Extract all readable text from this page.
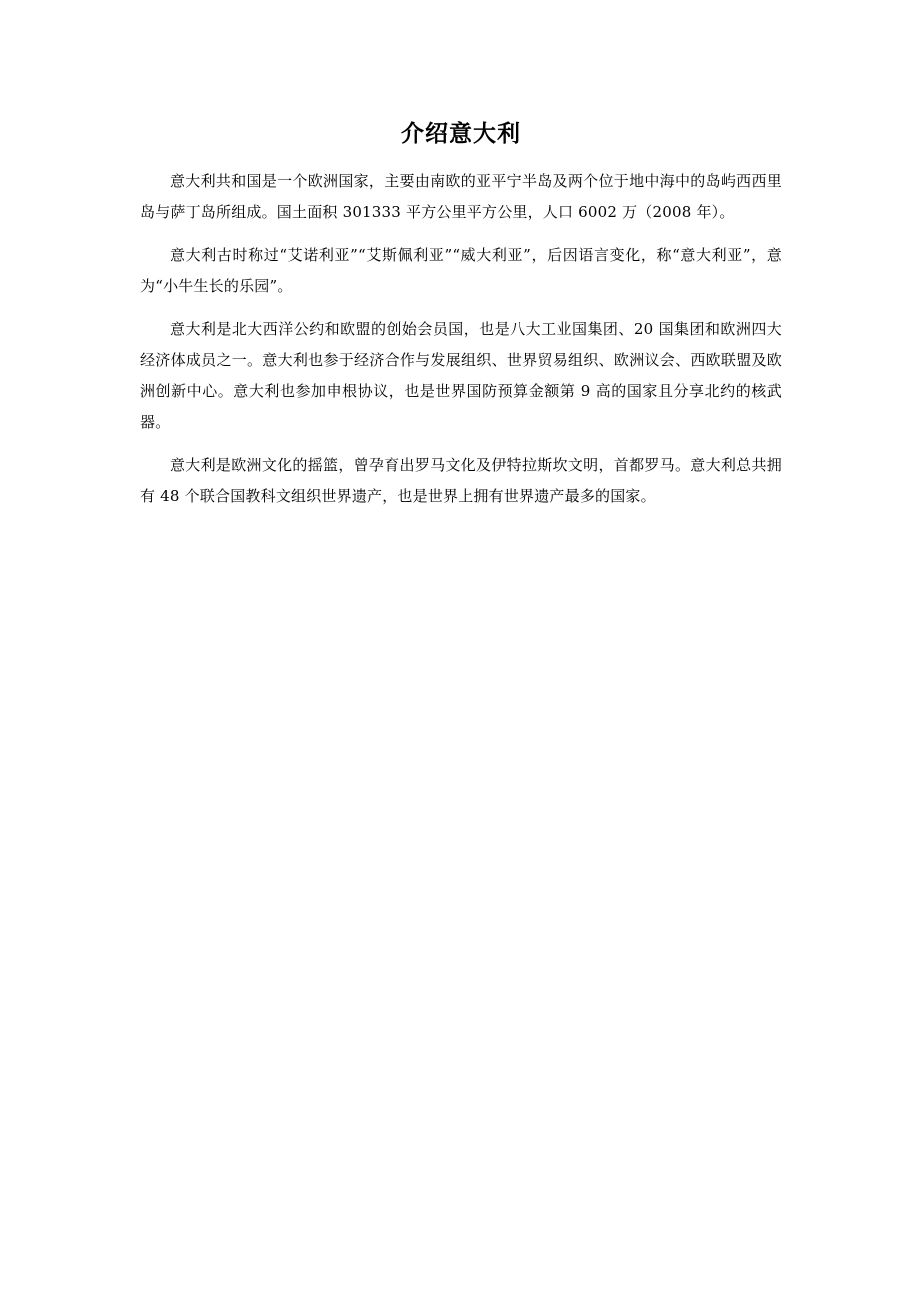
介绍意大利

意大利共和国是一个欧洲国家，主要由南欧的亚平宁半岛及两个位于地中海中的岛屿西西里岛与萨丁岛所组成。国土面积 301333 平方公里平方公里，人口 6002 万（2008 年）。

意大利古时称过“艾诺利亚”“艾斯佩利亚”“威大利亚”，后因语言变化，称“意大利亚”，意为“小牛生长的乐园”。

意大利是北大西洋公约和欧盟的创始会员国，也是八大工业国集团、20 国集团和欧洲四大经济体成员之一。意大利也参于经济合作与发展组织、世界贸易组织、欧洲议会、西欧联盟及欧洲创新中心。意大利也参加申根协议，也是世界国防预算金额第 9 高的国家且分享北约的核武器。

意大利是欧洲文化的摇篮，曾孕育出罗马文化及伊特拉斯坎文明，首都罗马。意大利总共拥有 48 个联合国教科文组织世界遗产，也是世界上拥有世界遗产最多的国家。
